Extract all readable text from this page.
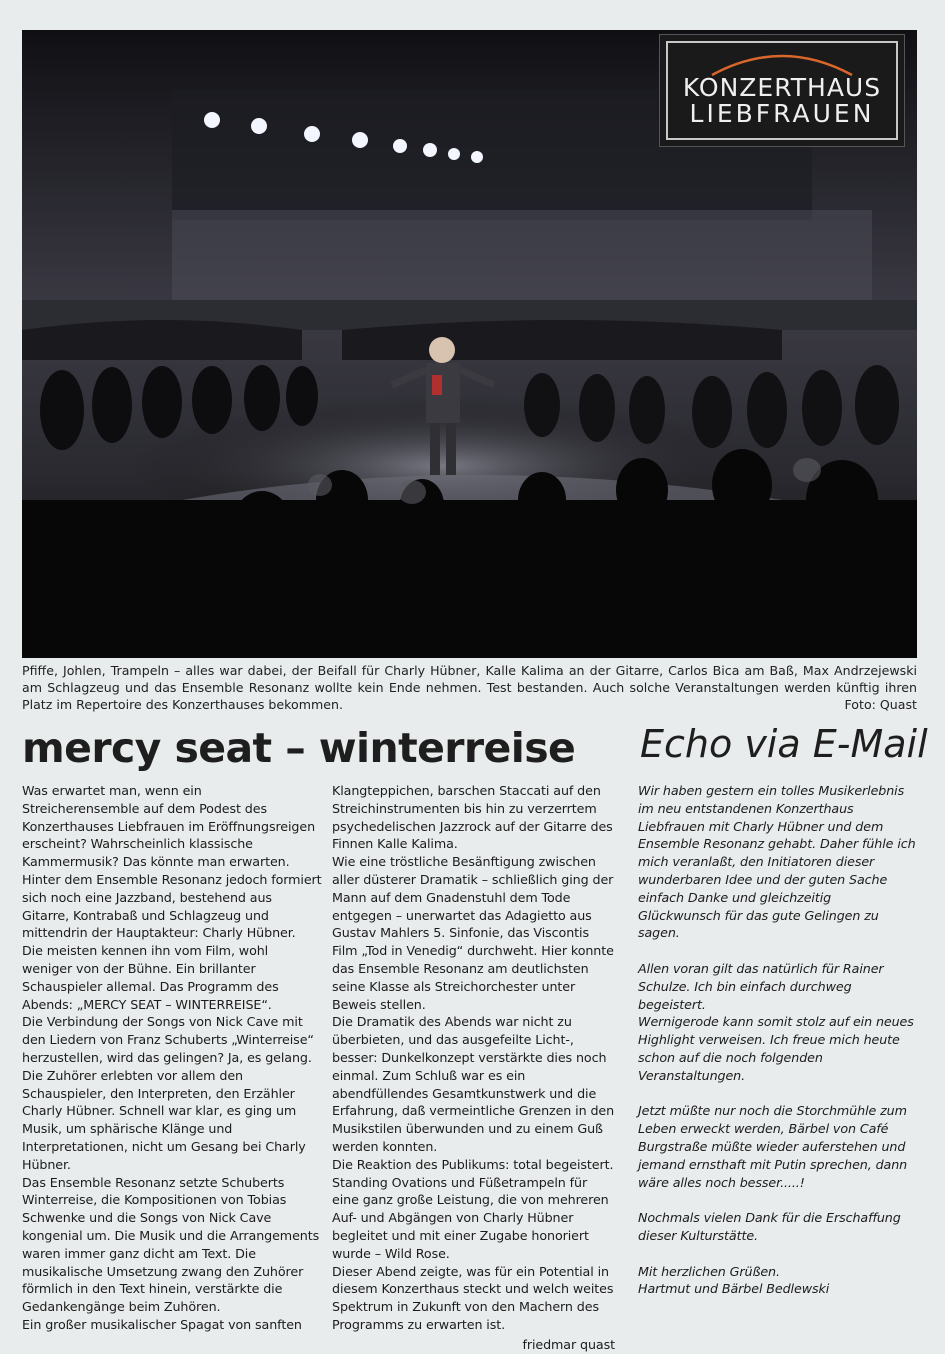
KONZERTHAUS
LIEBFRAUEN
Pfiffe, Johlen, Trampeln – alles war dabei, der Beifall für Charly Hübner, Kalle Kalima an der Gitarre, Carlos Bica am Baß, Max Andrzejewski am Schlagzeug und das Ensemble Resonanz wollte kein Ende nehmen. Test bestanden. Auch solche Veranstaltungen werden künftig ihren Platz im Repertoire des Konzerthauses bekommen.	Foto: Quast
mercy seat – winterreise Echo via E-Mail

Was erwartet man, wenn ein Streicherensemble auf dem Podest des Konzerthauses Liebfrauen im Eröffnungsreigen erscheint? Wahrscheinlich klassische Kammermusik? Das könnte man erwarten. Hinter dem Ensemble Resonanz jedoch formiert sich noch eine Jazzband, bestehend aus Gitarre, Kontrabaß und Schlagzeug und mittendrin der Hauptakteur: Charly Hübner.

Die meisten kennen ihn vom Film, wohl weniger von der Bühne. Ein brillanter Schauspieler allemal. Das Programm des Abends: „MERCY SEAT – WINTERREISE“.

Die Verbindung der Songs von Nick Cave mit den Liedern von Franz Schuberts „Winterreise“ herzustellen, wird das gelingen? Ja, es gelang. Die Zuhörer erlebten vor allem den Schauspieler, den Interpreten, den Erzähler Charly Hübner. Schnell war klar, es ging um Musik, um sphärische Klänge und Interpretationen, nicht um Gesang bei Charly Hübner.

Das Ensemble Resonanz setzte Schuberts Winterreise, die Kompositionen von Tobias Schwenke und die Songs von Nick Cave kongenial um. Die Musik und die Arrangements waren immer ganz dicht am Text. Die musikalische Umsetzung zwang den Zuhörer förmlich in den Text hinein, verstärkte die Gedankengänge beim Zuhören.

Ein großer musikalischer Spagat von sanften

Klangteppichen, barschen Staccati auf den Streichinstrumenten bis hin zu verzerrtem psychedelischen Jazzrock auf der Gitarre des Finnen Kalle Kalima.

Wie eine tröstliche Besänftigung zwischen aller düsterer Dramatik – schließlich ging der Mann auf dem Gnadenstuhl dem Tode entgegen – unerwartet das Adagietto aus Gustav Mahlers 5. Sinfonie, das Viscontis Film „Tod in Venedig“ durchweht. Hier konnte das Ensemble Resonanz am deutlichsten seine Klasse als Streichorchester unter Beweis stellen.

Die Dramatik des Abends war nicht zu überbieten, und das ausgefeilte Licht-, besser: Dunkelkonzept verstärkte dies noch einmal. Zum Schluß war es ein abendfüllendes Gesamtkunstwerk und die Erfahrung, daß vermeintliche Grenzen in den Musikstilen überwunden und zu einem Guß werden konnten.

Die Reaktion des Publikums: total begeistert. Standing Ovations und Füßetrampeln für eine ganz große Leistung, die von mehreren Auf- und Abgängen von Charly Hübner begleitet und mit einer Zugabe honoriert wurde – Wild Rose.

Dieser Abend zeigte, was für ein Potential in diesem Konzerthaus steckt und welch weites Spektrum in Zukunft von den Machern des Programms zu erwarten ist.

friedmar quast

Wir haben gestern ein tolles Musikerlebnis im neu entstandenen Konzerthaus Liebfrauen mit Charly Hübner und dem Ensemble Resonanz gehabt. Daher fühle ich mich veranlaßt, den Initiatoren dieser wunderbaren Idee und der guten Sache einfach Danke und gleichzeitig Glückwunsch für das gute Gelingen zu sagen.

Allen voran gilt das natürlich für Rainer Schulze. Ich bin einfach durchweg begeistert.

Wernigerode kann somit stolz auf ein neues Highlight verweisen. Ich freue mich heute schon auf die noch folgenden Veranstaltungen.

Jetzt müßte nur noch die Storchmühle zum Leben erweckt werden, Bärbel von Café Burgstraße müßte wieder auferstehen und jemand ernsthaft mit Putin sprechen, dann wäre alles noch besser.....!

Nochmals vielen Dank für die Erschaffung dieser Kulturstätte.

Mit herzlichen Grüßen.

Hartmut und Bärbel Bedlewski
